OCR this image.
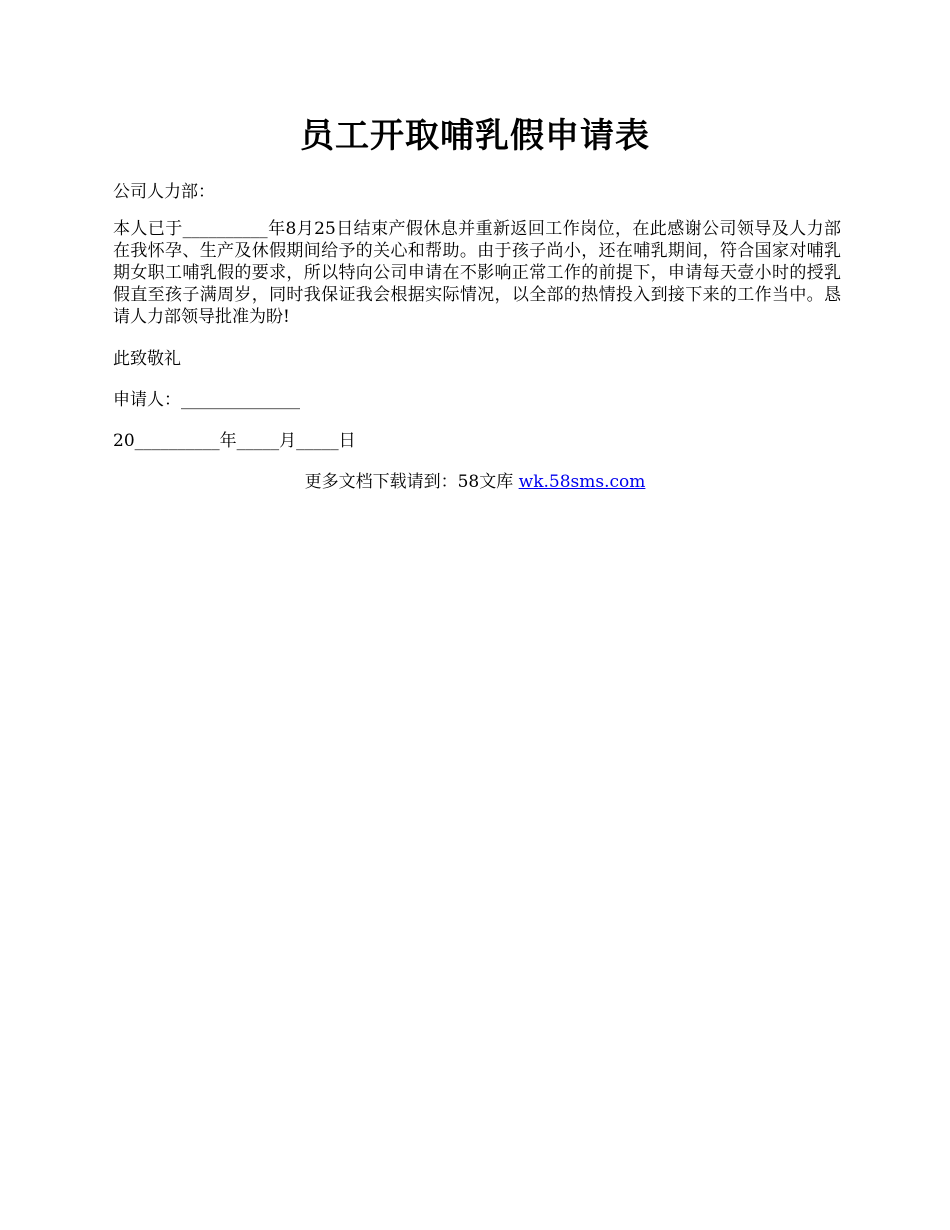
员工开取哺乳假申请表
公司人力部：
本人已于__________年8月25日结束产假休息并重新返回工作岗位，在此感谢公司领导及人力部在我怀孕、生产及休假期间给予的关心和帮助。由于孩子尚小，还在哺乳期间，符合国家对哺乳期女职工哺乳假的要求，所以特向公司申请在不影响正常工作的前提下，申请每天壹小时的授乳假直至孩子满周岁，同时我保证我会根据实际情况，以全部的热情投入到接下来的工作当中。恳请人力部领导批准为盼!
此致敬礼
申请人：______________
20__________年_____月_____日
更多文档下载请到：58文库 wk.58sms.com
